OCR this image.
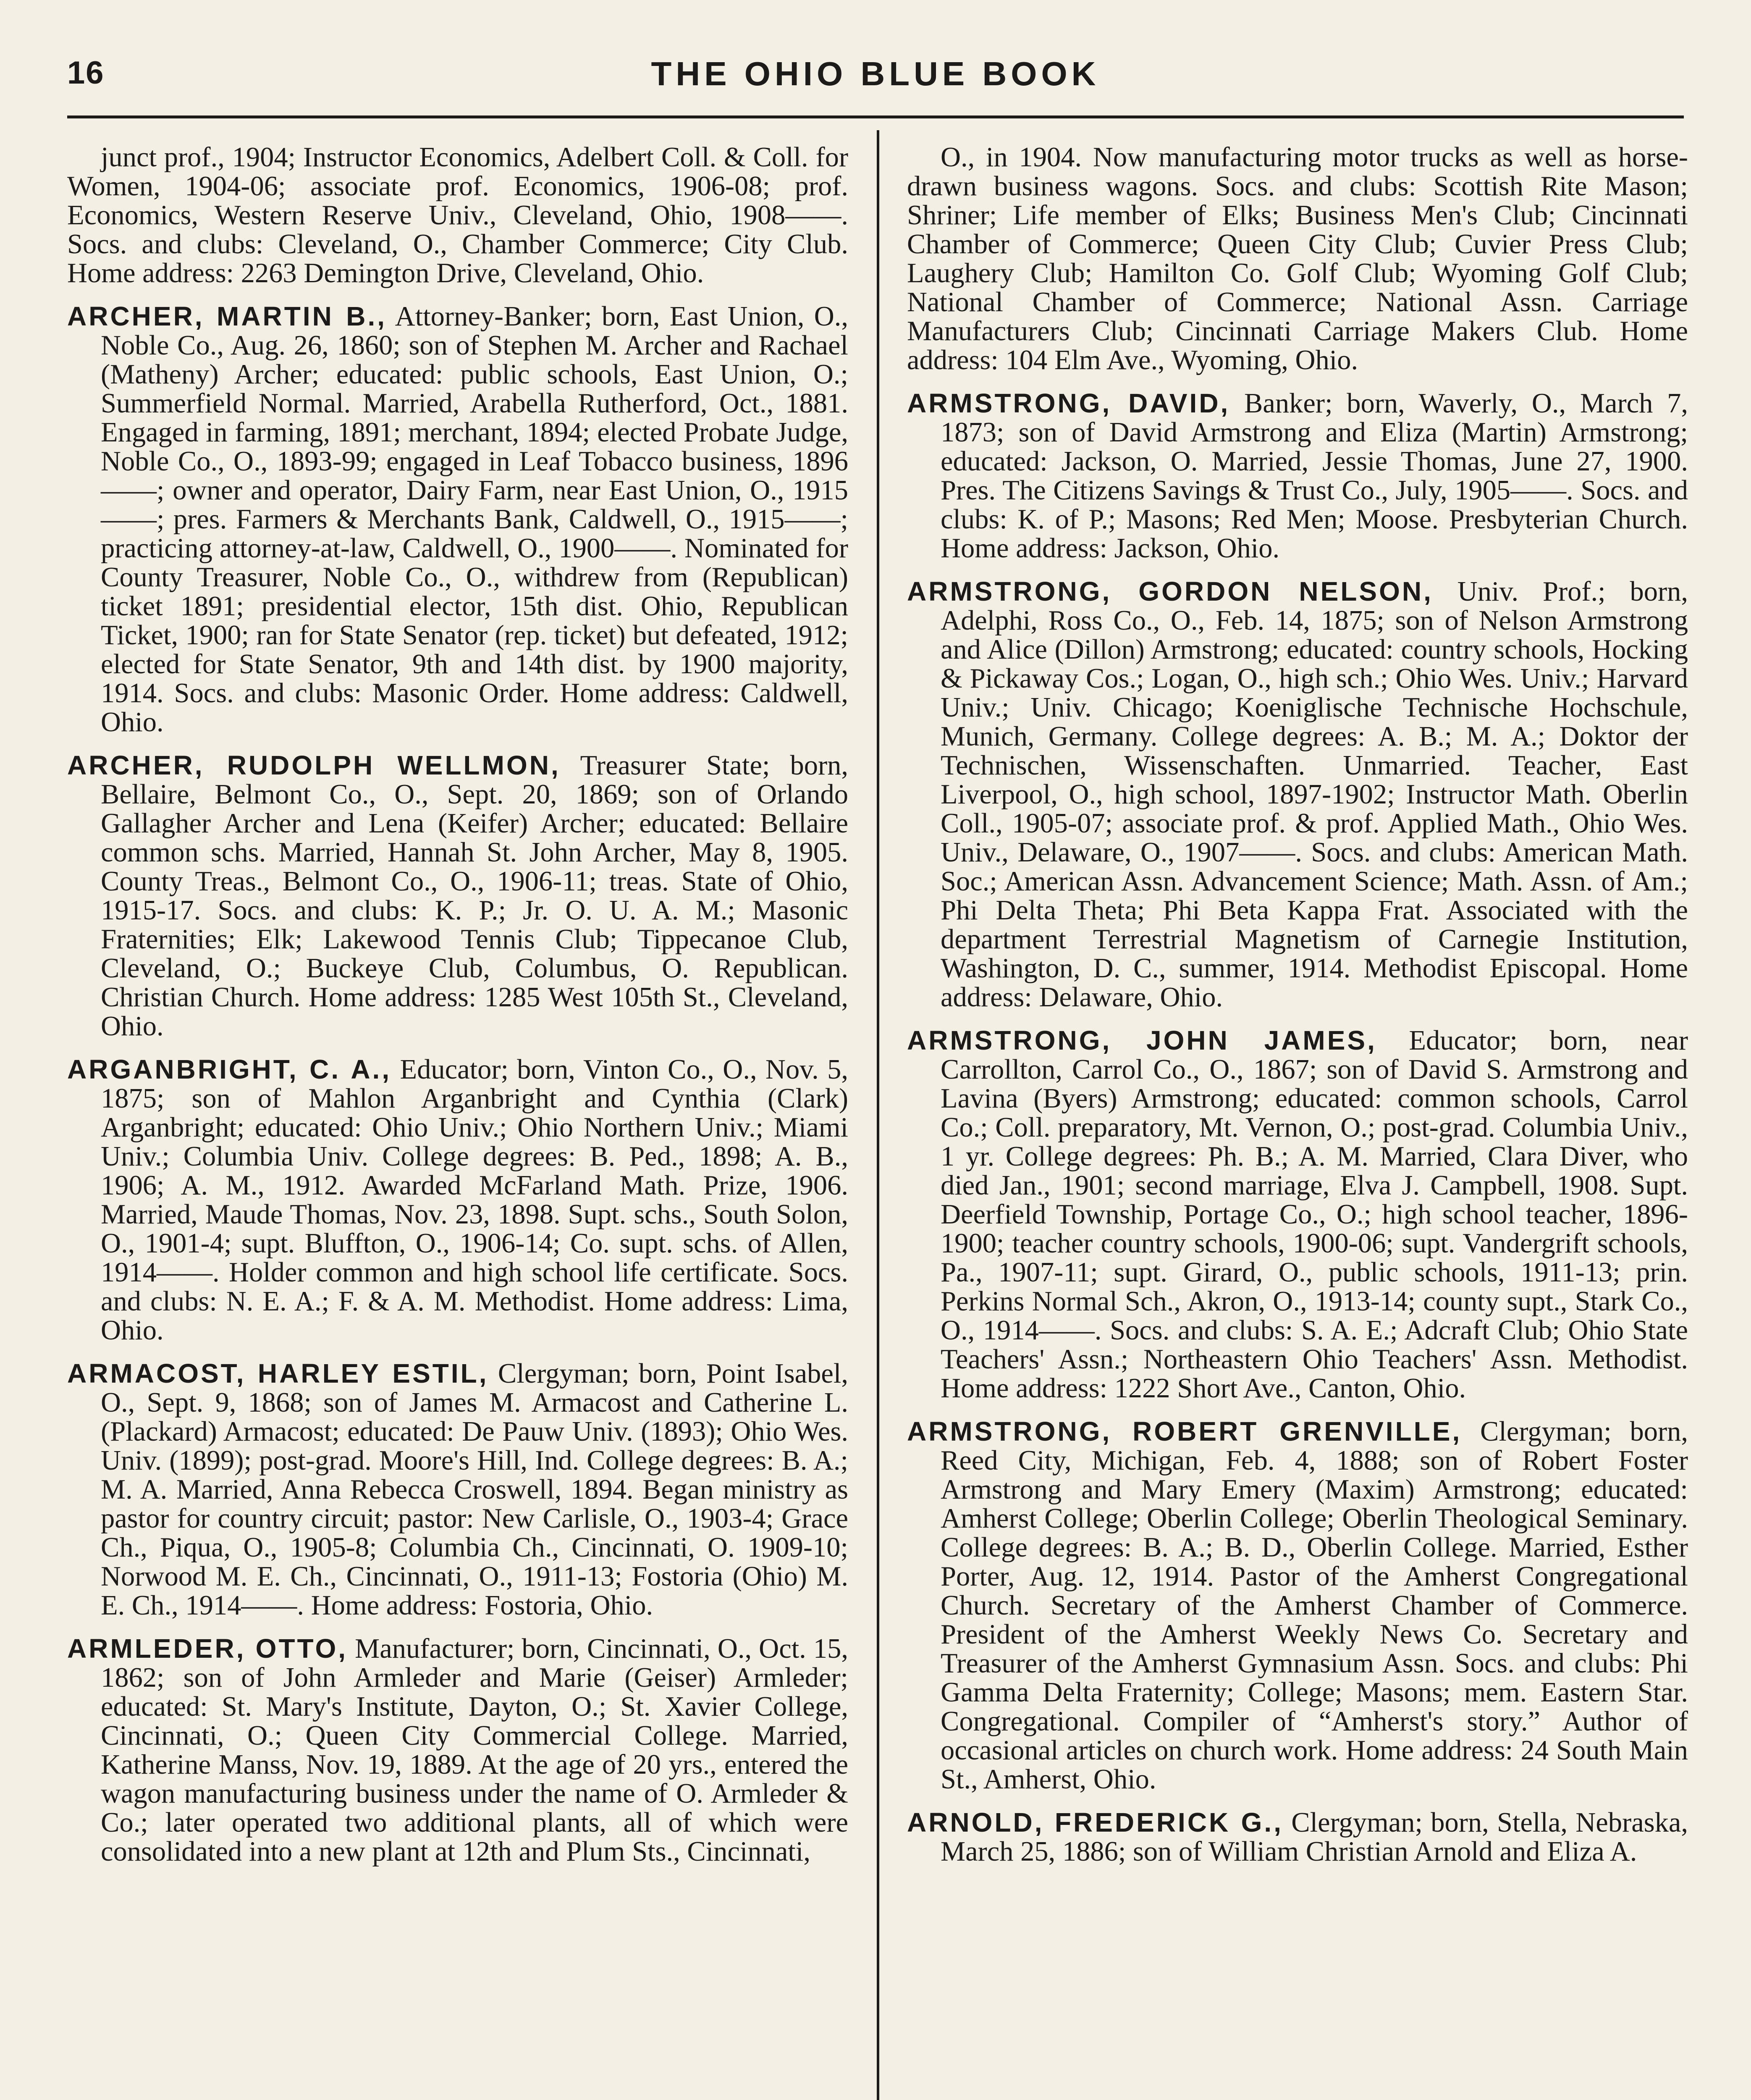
16	THE OHIO BLUE BOOK

junct prof., 1904; Instructor Economics, Adelbert Coll. & Coll. for Women, 1904-06; associate prof. Economics, 1906-08; prof. Economics, Western Reserve Univ., Cleveland, Ohio, 1908——. Socs. and clubs: Cleveland, O., Chamber Commerce; City Club. Home address: 2263 Demington Drive, Cleveland, Ohio.

ARCHER, MARTIN B., Attorney-Banker; born, East Union, O., Noble Co., Aug. 26, 1860; son of Stephen M. Archer and Rachael (Matheny) Archer; educated: public schools, East Union, O.; Summerfield Normal. Married, Arabella Rutherford, Oct., 1881. Engaged in farming, 1891; merchant, 1894; elected Probate Judge, Noble Co., O., 1893-99; engaged in Leaf Tobacco business, 1896——; owner and operator, Dairy Farm, near East Union, O., 1915——; pres. Farmers & Merchants Bank, Caldwell, O., 1915——; practicing attorney-at-law, Caldwell, O., 1900——. Nominated for County Treasurer, Noble Co., O., withdrew from (Republican) ticket 1891; presidential elector, 15th dist. Ohio, Republican Ticket, 1900; ran for State Senator (rep. ticket) but defeated, 1912; elected for State Senator, 9th and 14th dist. by 1900 majority, 1914. Socs. and clubs: Masonic Order. Home address: Caldwell, Ohio.

ARCHER, RUDOLPH WELLMON, Treasurer State; born, Bellaire, Belmont Co., O., Sept. 20, 1869; son of Orlando Gallagher Archer and Lena (Keifer) Archer; educated: Bellaire common schs. Married, Hannah St. John Archer, May 8, 1905. County Treas., Belmont Co., O., 1906-11; treas. State of Ohio, 1915-17. Socs. and clubs: K. P.; Jr. O. U. A. M.; Masonic Fraternities; Elk; Lakewood Tennis Club; Tippecanoe Club, Cleveland, O.; Buckeye Club, Columbus, O. Republican. Christian Church. Home address: 1285 West 105th St., Cleveland, Ohio.

ARGANBRIGHT, C. A., Educator; born, Vinton Co., O., Nov. 5, 1875; son of Mahlon Arganbright and Cynthia (Clark) Arganbright; educated: Ohio Univ.; Ohio Northern Univ.; Miami Univ.; Columbia Univ. College degrees: B. Ped., 1898; A. B., 1906; A. M., 1912. Awarded McFarland Math. Prize, 1906. Married, Maude Thomas, Nov. 23, 1898. Supt. schs., South Solon, O., 1901-4; supt. Bluffton, O., 1906-14; Co. supt. schs. of Allen, 1914——. Holder common and high school life certificate. Socs. and clubs: N. E. A.; F. & A. M. Methodist. Home address: Lima, Ohio.

ARMACOST, HARLEY ESTIL, Clergyman; born, Point Isabel, O., Sept. 9, 1868; son of James M. Armacost and Catherine L. (Plackard) Armacost; educated: De Pauw Univ. (1893); Ohio Wes. Univ. (1899); post-grad. Moore's Hill, Ind. College degrees: B. A.; M. A. Married, Anna Rebecca Croswell, 1894. Began ministry as pastor for country circuit; pastor: New Carlisle, O., 1903-4; Grace Ch., Piqua, O., 1905-8; Columbia Ch., Cincinnati, O. 1909-10; Norwood M. E. Ch., Cincinnati, O., 1911-13; Fostoria (Ohio) M. E. Ch., 1914——. Home address: Fostoria, Ohio.

ARMLEDER, OTTO, Manufacturer; born, Cincinnati, O., Oct. 15, 1862; son of John Armleder and Marie (Geiser) Armleder; educated: St. Mary's Institute, Dayton, O.; St. Xavier College, Cincinnati, O.; Queen City Commercial College. Married, Katherine Manss, Nov. 19, 1889. At the age of 20 yrs., entered the wagon manufacturing business under the name of O. Armleder & Co.; later operated two additional plants, all of which were consolidated into a new plant at 12th and Plum Sts., Cincinnati,

O., in 1904. Now manufacturing motor trucks as well as horse-drawn business wagons. Socs. and clubs: Scottish Rite Mason; Shriner; Life member of Elks; Business Men's Club; Cincinnati Chamber of Commerce; Queen City Club; Cuvier Press Club; Laughery Club; Hamilton Co. Golf Club; Wyoming Golf Club; National Chamber of Commerce; National Assn. Carriage Manufacturers Club; Cincinnati Carriage Makers Club. Home address: 104 Elm Ave., Wyoming, Ohio.

ARMSTRONG, DAVID, Banker; born, Waverly, O., March 7, 1873; son of David Armstrong and Eliza (Martin) Armstrong; educated: Jackson, O. Married, Jessie Thomas, June 27, 1900. Pres. The Citizens Savings & Trust Co., July, 1905——. Socs. and clubs: K. of P.; Masons; Red Men; Moose. Presbyterian Church. Home address: Jackson, Ohio.

ARMSTRONG, GORDON NELSON, Univ. Prof.; born, Adelphi, Ross Co., O., Feb. 14, 1875; son of Nelson Armstrong and Alice (Dillon) Armstrong; educated: country schools, Hocking & Pickaway Cos.; Logan, O., high sch.; Ohio Wes. Univ.; Harvard Univ.; Univ. Chicago; Koeniglische Technische Hochschule, Munich, Germany. College degrees: A. B.; M. A.; Doktor der Technischen, Wissenschaften. Unmarried. Teacher, East Liverpool, O., high school, 1897-1902; Instructor Math. Oberlin Coll., 1905-07; associate prof. & prof. Applied Math., Ohio Wes. Univ., Delaware, O., 1907——. Socs. and clubs: American Math. Soc.; American Assn. Advancement Science; Math. Assn. of Am.; Phi Delta Theta; Phi Beta Kappa Frat. Associated with the department Terrestrial Magnetism of Carnegie Institution, Washington, D. C., summer, 1914. Methodist Episcopal. Home address: Delaware, Ohio.

ARMSTRONG, JOHN JAMES, Educator; born, near Carrollton, Carrol Co., O., 1867; son of David S. Armstrong and Lavina (Byers) Armstrong; educated: common schools, Carrol Co.; Coll. preparatory, Mt. Vernon, O.; post-grad. Columbia Univ., 1 yr. College degrees: Ph. B.; A. M. Married, Clara Diver, who died Jan., 1901; second marriage, Elva J. Campbell, 1908. Supt. Deerfield Township, Portage Co., O.; high school teacher, 1896-1900; teacher country schools, 1900-06; supt. Vandergrift schools, Pa., 1907-11; supt. Girard, O., public schools, 1911-13; prin. Perkins Normal Sch., Akron, O., 1913-14; county supt., Stark Co., O., 1914——. Socs. and clubs: S. A. E.; Adcraft Club; Ohio State Teachers' Assn.; Northeastern Ohio Teachers' Assn. Methodist. Home address: 1222 Short Ave., Canton, Ohio.

ARMSTRONG, ROBERT GRENVILLE, Clergyman; born, Reed City, Michigan, Feb. 4, 1888; son of Robert Foster Armstrong and Mary Emery (Maxim) Armstrong; educated: Amherst College; Oberlin College; Oberlin Theological Seminary. College degrees: B. A.; B. D., Oberlin College. Married, Esther Porter, Aug. 12, 1914. Pastor of the Amherst Congregational Church. Secretary of the Amherst Chamber of Commerce. President of the Amherst Weekly News Co. Secretary and Treasurer of the Amherst Gymnasium Assn. Socs. and clubs: Phi Gamma Delta Fraternity; College; Masons; mem. Eastern Star. Congregational. Compiler of “Amherst's story.” Author of occasional articles on church work. Home address: 24 South Main St., Amherst, Ohio.

ARNOLD, FREDERICK G., Clergyman; born, Stella, Nebraska, March 25, 1886; son of William Christian Arnold and Eliza A.
